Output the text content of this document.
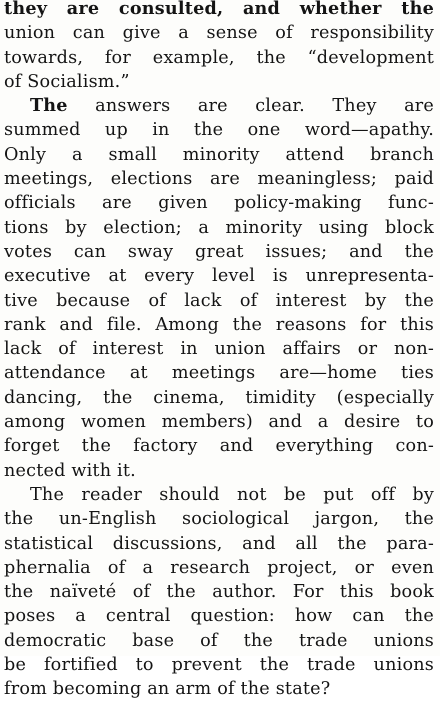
they are consulted, and whether the
union can give a sense of responsibility
towards, for example, the “development
of Socialism.”
The answers are clear. They are
summed up in the one word—apathy.
Only a small minority attend branch
meetings, elections are meaningless; paid
officials are given policy-making func-
tions by election; a minority using block
votes can sway great issues; and the
executive at every level is unrepresenta-
tive because of lack of interest by the
rank and file. Among the reasons for this
lack of interest in union affairs or non-
attendance at meetings are—home ties
dancing, the cinema, timidity (especially
among women members) and a desire to
forget the factory and everything con-
nected with it.
The reader should not be put off by
the un-English sociological jargon, the
statistical discussions, and all the para-
phernalia of a research project, or even
the naïveté of the author. For this book
poses a central question: how can the
democratic base of the trade unions
be fortified to prevent the trade unions
from becoming an arm of the state?
